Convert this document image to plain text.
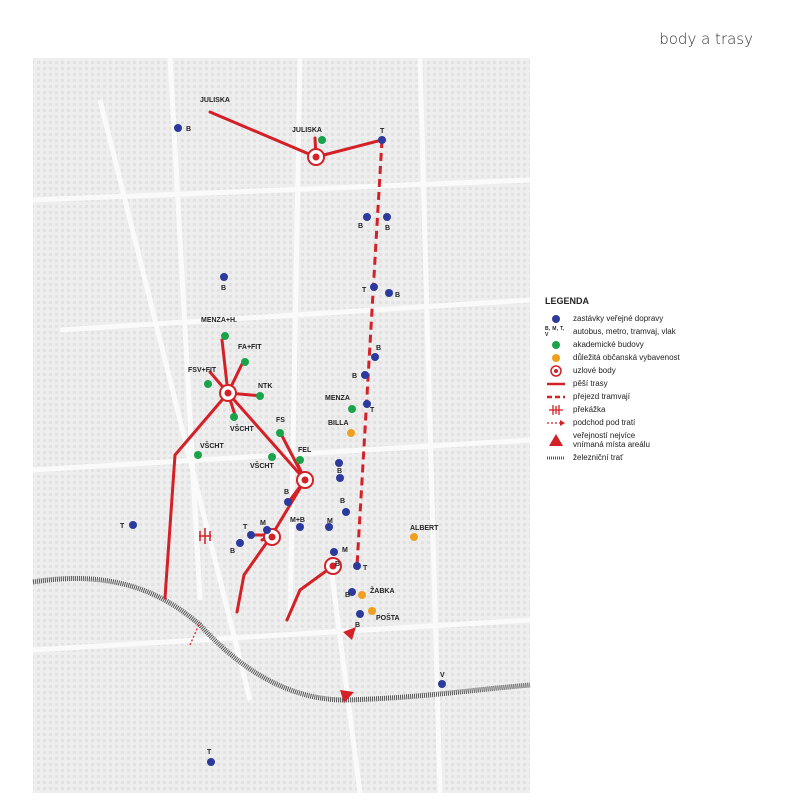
body a trasy
B	T
B	B
B	T
B
B
B
T
B
B
T
B
T
M
B
M
B
M
T
B
B
V
T
JULISKA
JULISKA
MENZA+H.
FA+FIT
FSV+FIT
NTK
VŠCHT
VŠCHT
VŠCHT
FS
FEL
MENZA
BILLA
ALBERT
ŽABKA
POŠTA
M+B
LEGENDA
zastávky veřejné dopravy
B, M, T, V	autobus, metro, tramvaj, vlak
akademické budovy
důležitá občanská vybavenost
uzlové body
pěší trasy
přejezd tramvají
překážka
podchod pod tratí
veřejností nejvíce vnímaná místa areálu
železniční trať
